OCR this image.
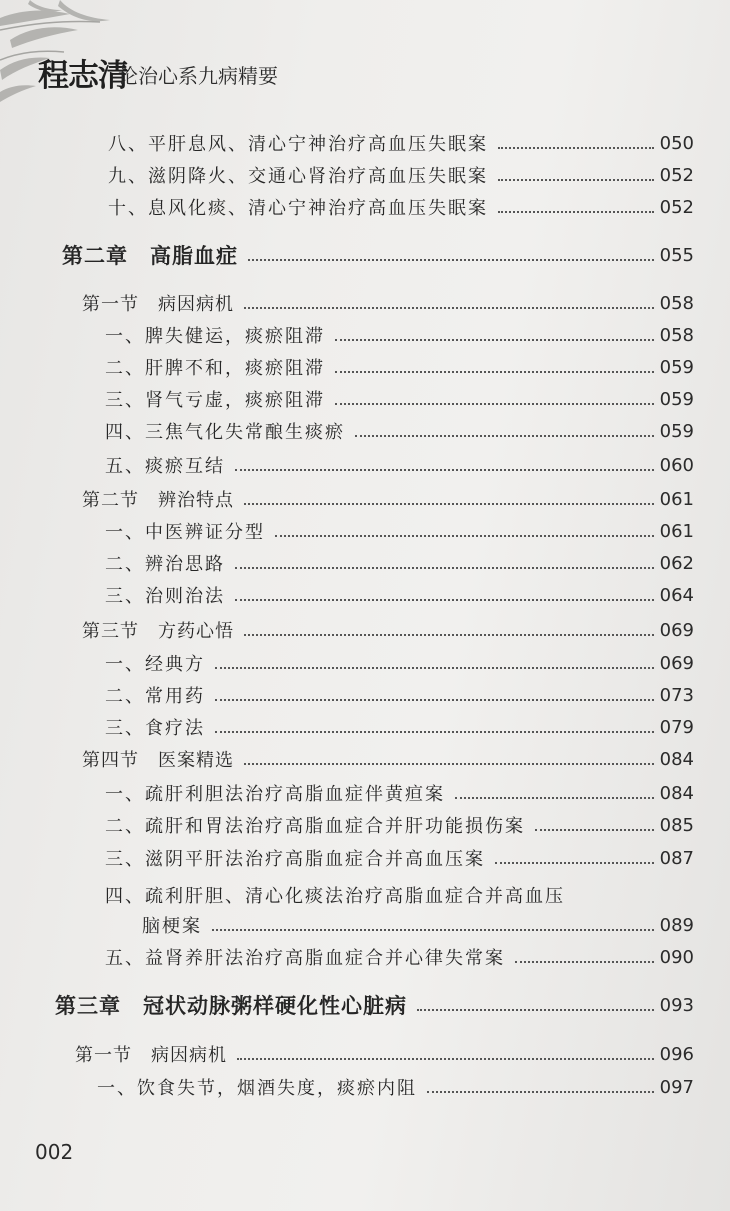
程志清
论治心系九病精要
八、平肝息风、清心宁神治疗高血压失眠案	050
九、滋阴降火、交通心肾治疗高血压失眠案	052
十、息风化痰、清心宁神治疗高血压失眠案	052
第二章　高脂血症	055
第一节　病因病机	058
一、脾失健运，痰瘀阻滞	058
二、肝脾不和，痰瘀阻滞	059
三、肾气亏虚，痰瘀阻滞	059
四、三焦气化失常酿生痰瘀	059
五、痰瘀互结	060
第二节　辨治特点	061
一、中医辨证分型	061
二、辨治思路	062
三、治则治法	064
第三节　方药心悟	069
一、经典方	069
二、常用药	073
三、食疗法	079
第四节　医案精选	084
一、疏肝利胆法治疗高脂血症伴黄疸案	084
二、疏肝和胃法治疗高脂血症合并肝功能损伤案	085
三、滋阴平肝法治疗高脂血症合并高血压案	087
四、疏利肝胆、清心化痰法治疗高脂血症合并高血压
脑梗案	089
五、益肾养肝法治疗高脂血症合并心律失常案	090
第三章　冠状动脉粥样硬化性心脏病	093
第一节　病因病机	096
一、饮食失节，烟酒失度，痰瘀内阻	097
002
